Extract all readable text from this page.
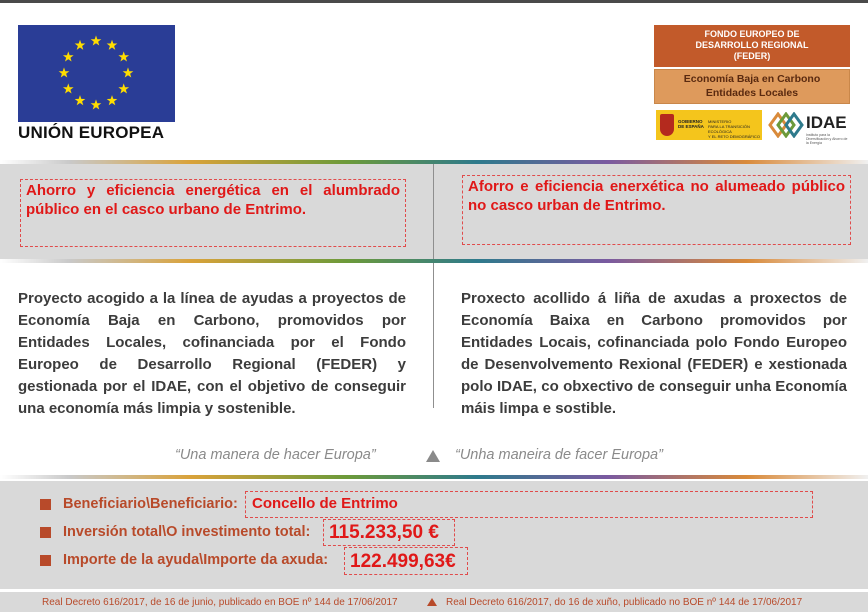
UNIÓN EUROPEA
FONDO EUROPEO DE
DESARROLLO REGIONAL
(FEDER)
Economía Baja en Carbono
Entidades Locales
GOBIERNO
DE ESPAÑA
MINISTERIO
PARA LA TRANSICIÓN ECOLÓGICA
Y EL RETO DEMOGRÁFICO
IDAE
Instituto para la Diversificación y Ahorro de la Energía
Ahorro y eficiencia energética en el alumbrado público en el casco urbano de Entrimo.
Aforro e eficiencia enerxética no alumeado público no casco urban de Entrimo.
Proyecto acogido a la línea de ayudas a proyectos de Economía Baja en Carbono, promovidos por Entidades Locales, cofinanciada por el Fondo Europeo de Desarrollo Regional (FEDER) y gestionada por el IDAE, con el objetivo de conseguir una economía más limpia y sostenible.
Proxecto acollido á liña de axudas a proxectos de Economía Baixa en Carbono promovidos por Entidades Locais, cofinanciada polo Fondo Europeo de Desenvolvemento Rexional (FEDER) e xestionada polo IDAE, co obxectivo de conseguir unha Economía máis limpa e sostible.
“Una manera de hacer Europa”	“Unha maneira de facer Europa”
Beneficiario\Beneficiario: Concello de Entrimo
Inversión total\O investimento total: 115.233,50 €
Importe de la ayuda\Importe da axuda:	122.499,63€
Real Decreto 616/2017, de 16 de junio, publicado en BOE nº 144 de 17/06/2017	Real Decreto 616/2017, do 16 de xuño, publicado no BOE nº 144 de 17/06/2017
